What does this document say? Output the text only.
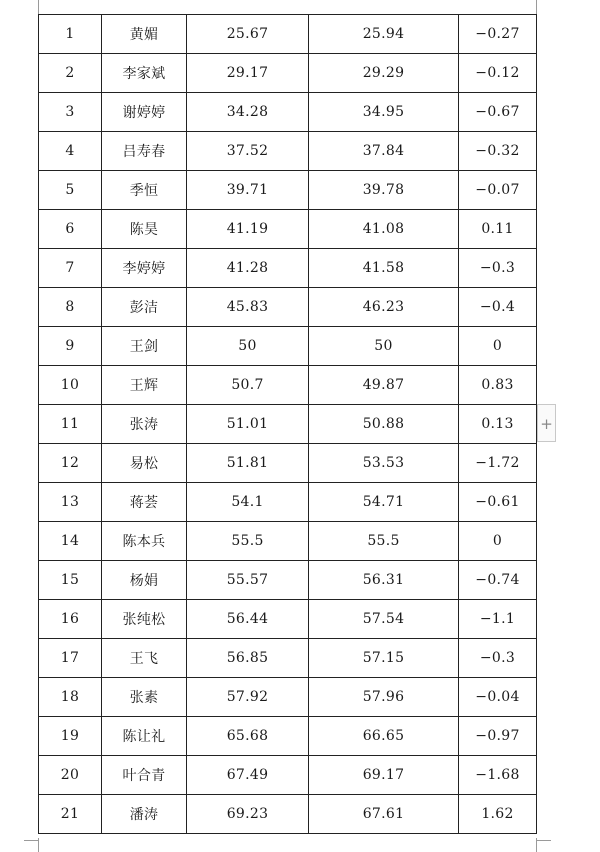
1	黄媚	25.67	25.94	−0.27
2	李家斌	29.17	29.29	−0.12
3	谢婷婷	34.28	34.95	−0.67
4	吕寿春	37.52	37.84	−0.32
5	季恒	39.71	39.78	−0.07
6	陈昊	41.19	41.08	0.11
7	李婷婷	41.28	41.58	−0.3
8	彭洁	45.83	46.23	−0.4
9	王剑	50	50	0
10	王辉	50.7	49.87	0.83
11	张涛	51.01	50.88	0.13
12	易松	51.81	53.53	−1.72
13	蒋荟	54.1	54.71	−0.61
14	陈本兵	55.5	55.5	0
15	杨娟	55.57	56.31	−0.74
16	张纯松	56.44	57.54	−1.1
17	王飞	56.85	57.15	−0.3
18	张素	57.92	57.96	−0.04
19	陈让礼	65.68	66.65	−0.97
20	叶合青	67.49	69.17	−1.68
21	潘涛	69.23	67.61	1.62
+
